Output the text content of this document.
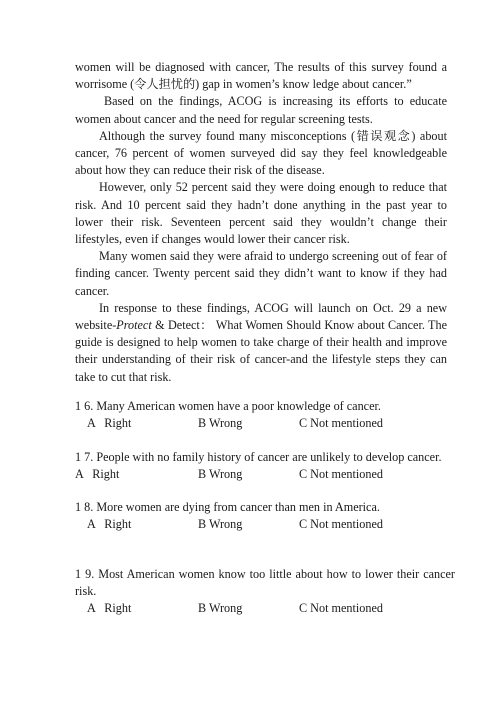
women will be diagnosed with cancer, The results of this survey found a worrisome (令人担忧的) gap in women’s know ledge about cancer.”

Based on the findings, ACOG is increasing its efforts to educate women about cancer and the need for regular screening tests.

Although the survey found many misconceptions (错误观念) about cancer, 76 percent of women surveyed did say they feel knowledgeable about how they can reduce their risk of the disease.

However, only 52 percent said they were doing enough to reduce that risk. And 10 percent said they hadn’t done anything in the past year to lower their risk. Seventeen percent said they wouldn’t change their lifestyles, even if changes would lower their cancer risk.

Many women said they were afraid to undergo screening out of fear of finding cancer. Twenty percent said they didn’t want to know if they had cancer.

In response to these findings, ACOG will launch on Oct. 29 a new website-Protect & Detect： What Women Should Know about Cancer. The guide is designed to help women to take charge of their health and improve their understanding of their risk of cancer-and the lifestyle steps they can take to cut that risk.

1 6. Many American women have a poor knowledge of cancer.

A   Right	B Wrong	C Not mentioned

1 7. People with no family history of cancer are unlikely to develop cancer.

A   Right	B Wrong	C Not mentioned

1 8. More women are dying from cancer than men in America.

A   Right	B Wrong	C Not mentioned

1 9. Most American women know too little about how to lower their cancer risk.

A   Right	B Wrong	C Not mentioned
